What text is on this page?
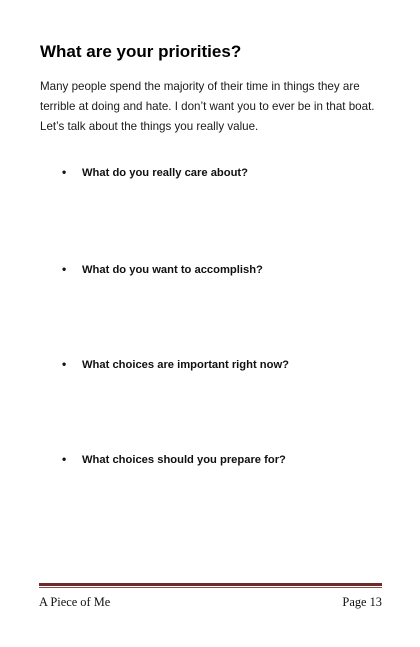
What are your priorities?

Many people spend the majority of their time in things they are terrible at doing and hate. I don’t want you to ever be in that boat. Let’s talk about the things you really value.

• What do you really care about?
• What do you want to accomplish?
• What choices are important right now?
• What choices should you prepare for?

A Piece of Me	Page 13
